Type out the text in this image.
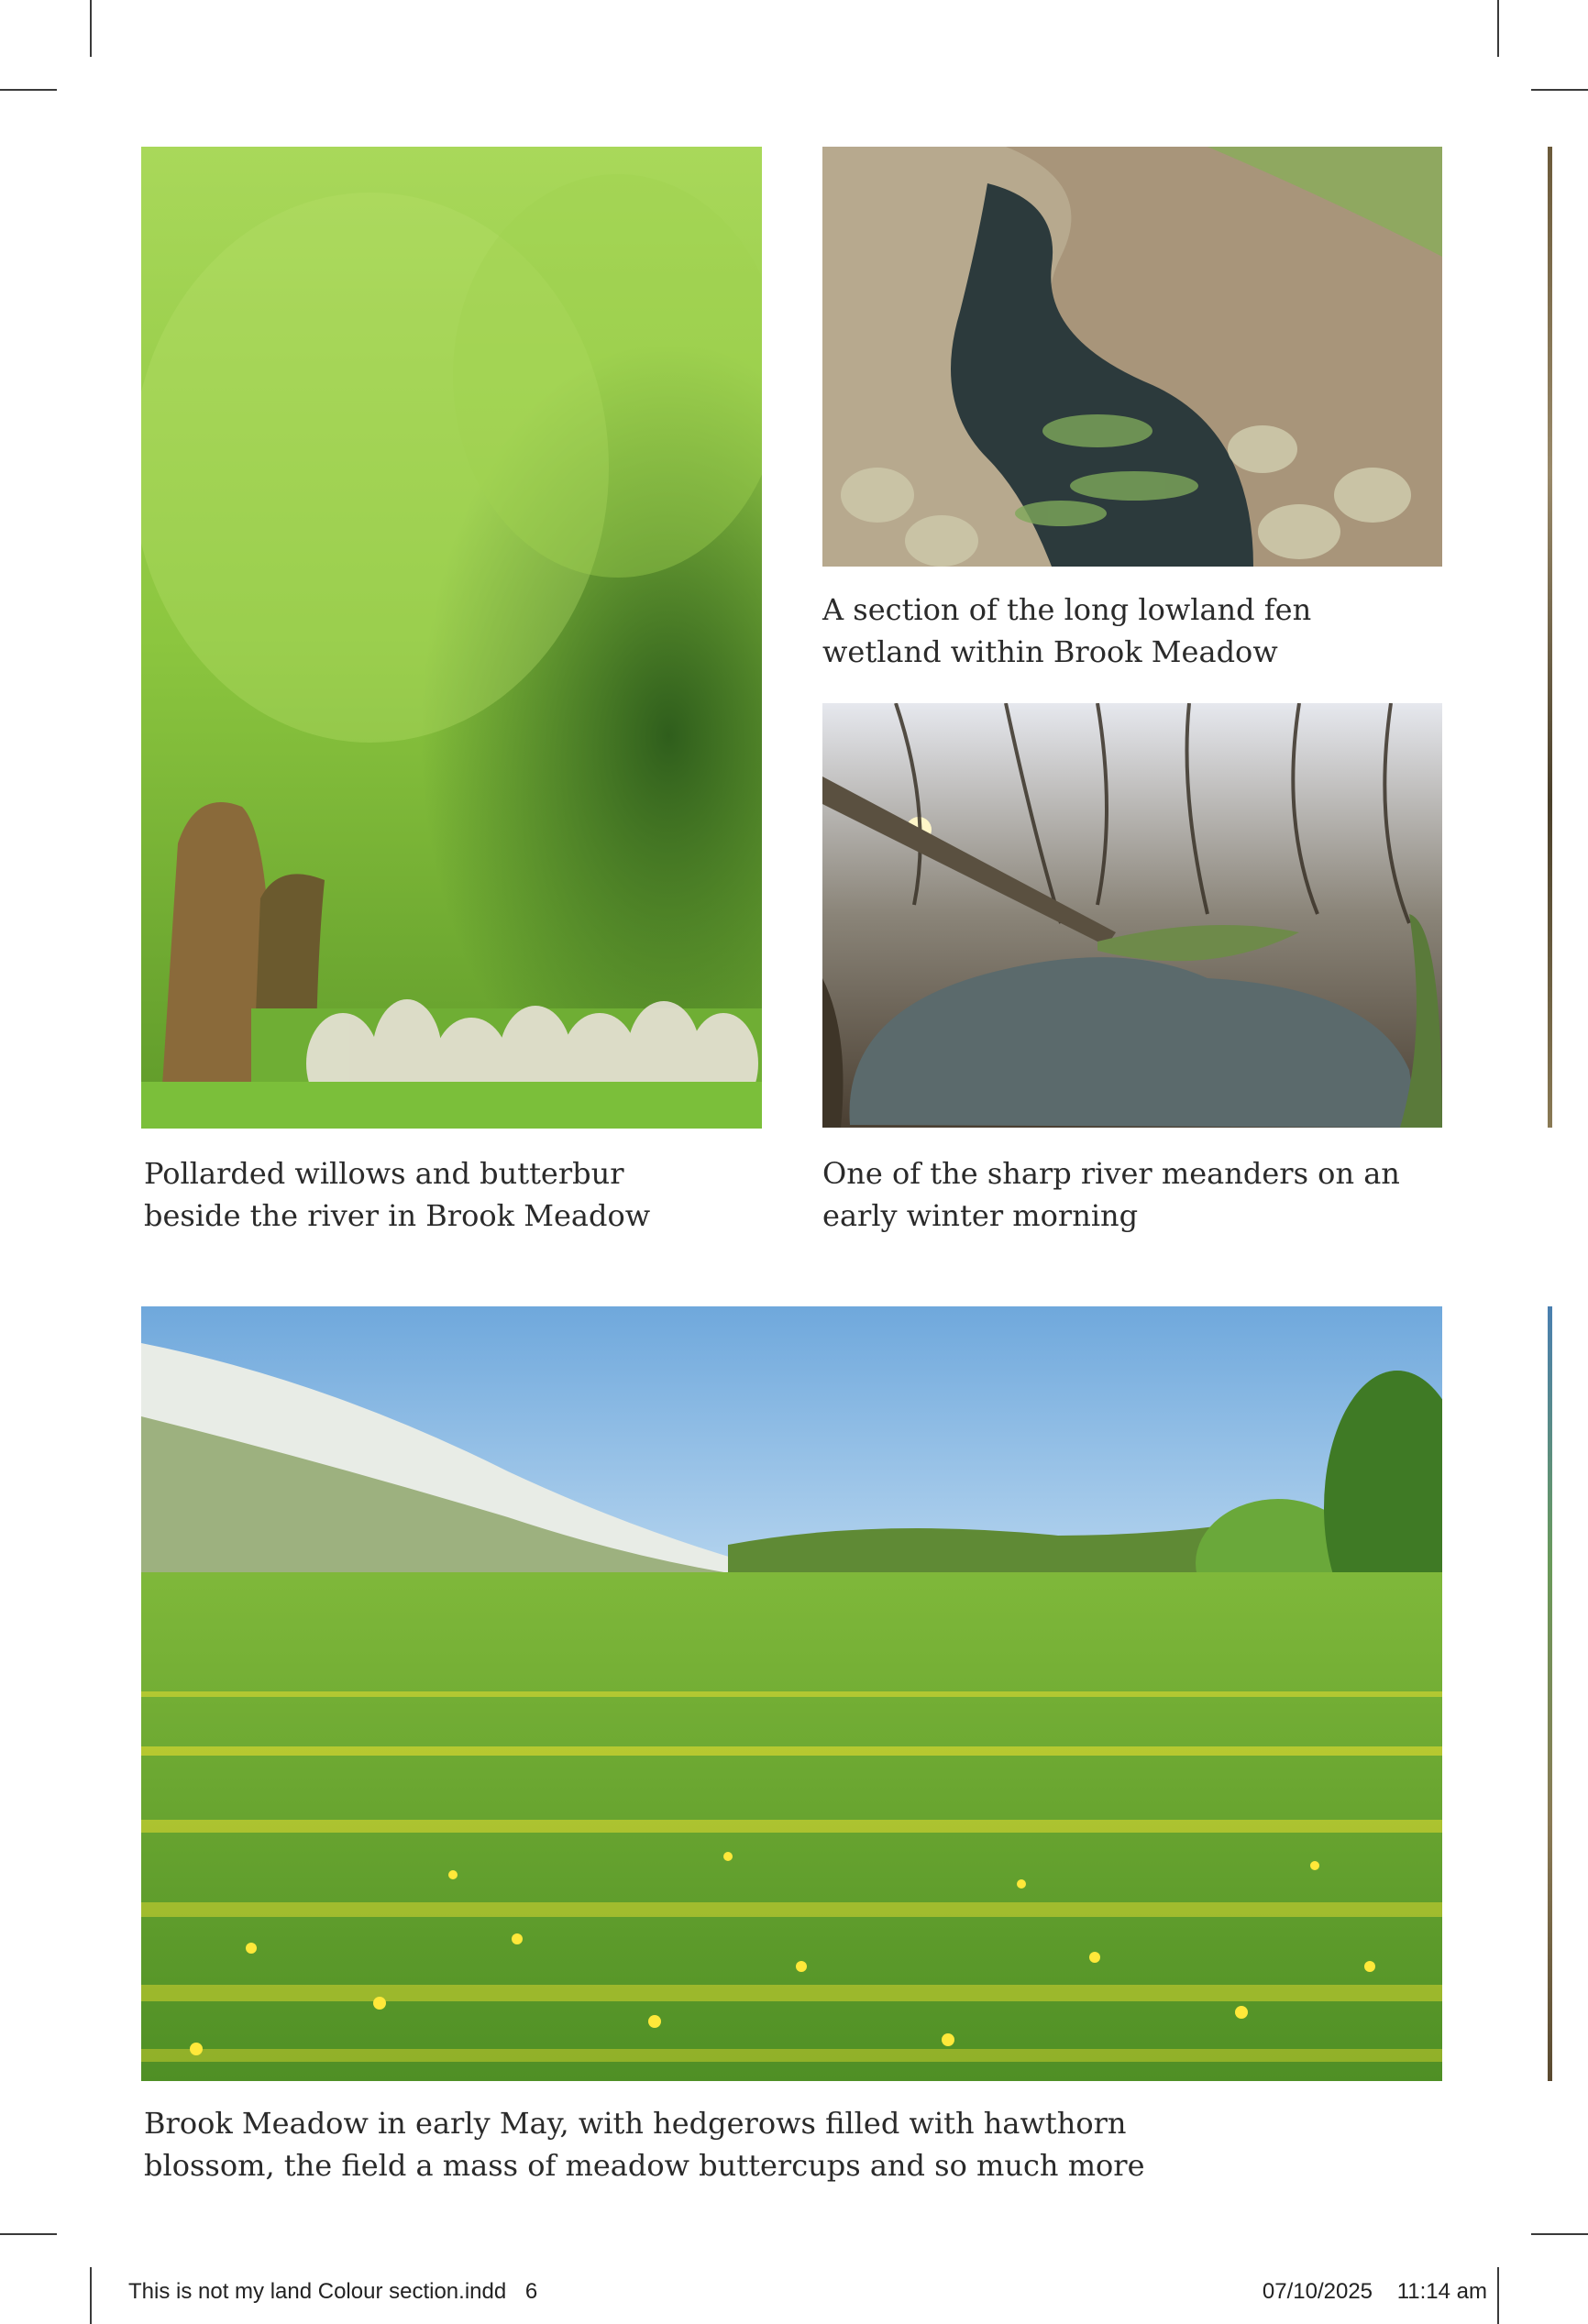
Pollarded willows and butterbur
beside the river in Brook Meadow
A section of the long lowland fen
wetland within Brook Meadow
One of the sharp river meanders on an
early winter morning
Brook Meadow in early May, with hedgerows filled with hawthorn
blossom, the field a mass of meadow buttercups and so much more
This is not my land Colour section.indd 6	07/10/2025 11:14 am
